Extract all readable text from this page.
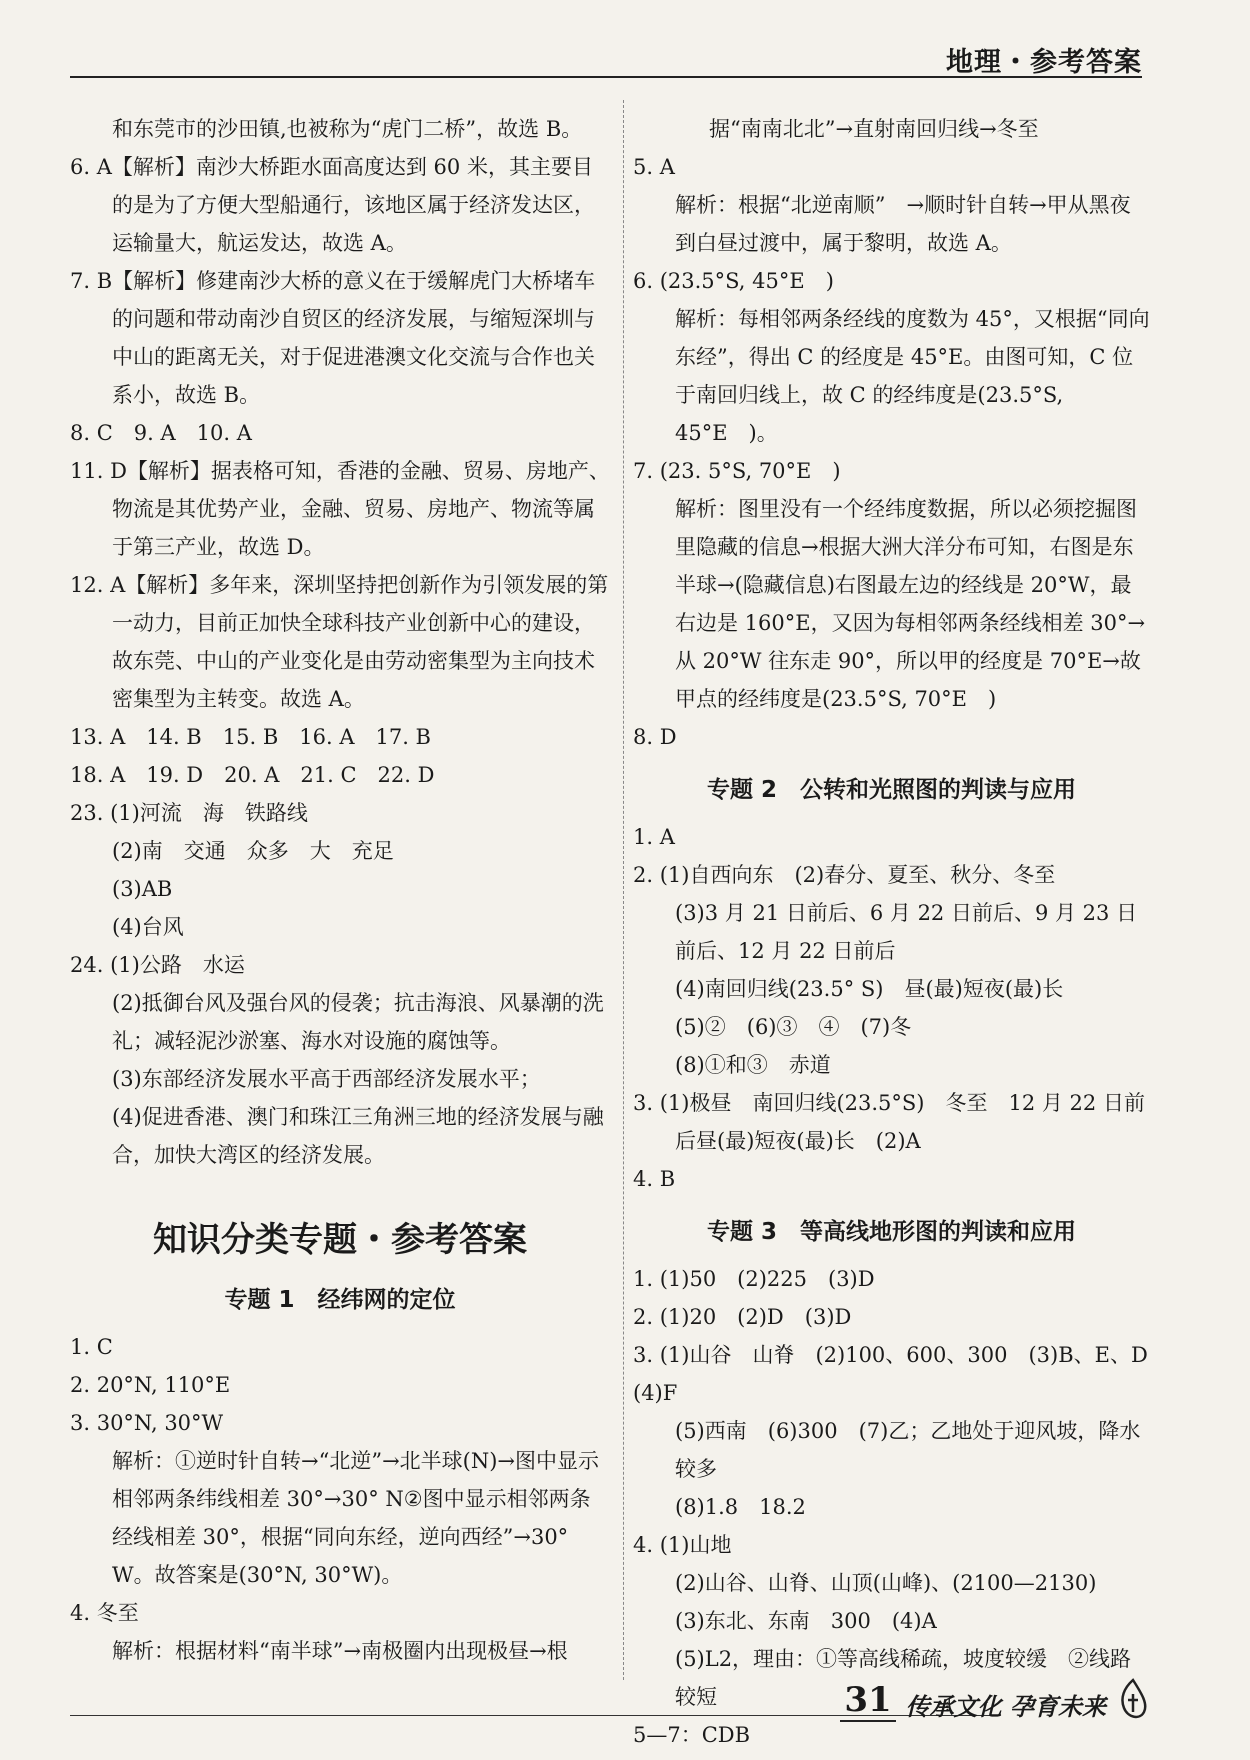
地理・参考答案

和东莞市的沙田镇,也被称为“虎门二桥”，故选 B。

6. A【解析】南沙大桥距水面高度达到 60 米，其主要目的是为了方便大型船通行，该地区属于经济发达区，运输量大，航运发达，故选 A。

7. B【解析】修建南沙大桥的意义在于缓解虎门大桥堵车的问题和带动南沙自贸区的经济发展，与缩短深圳与中山的距离无关，对于促进港澳文化交流与合作也关系小，故选 B。

8. C　9. A　10. A

11. D【解析】据表格可知，香港的金融、贸易、房地产、物流是其优势产业，金融、贸易、房地产、物流等属于第三产业，故选 D。

12. A【解析】多年来，深圳坚持把创新作为引领发展的第一动力，目前正加快全球科技产业创新中心的建设，故东莞、中山的产业变化是由劳动密集型为主向技术密集型为主转变。故选 A。

13. A　14. B　15. B　16. A　17. B

18. A　19. D　20. A　21. C　22. D

23. (1)河流　海　铁路线

(2)南　交通　众多　大　充足

(3)AB

(4)台风

24. (1)公路　水运

(2)抵御台风及强台风的侵袭；抗击海浪、风暴潮的洗礼；减轻泥沙淤塞、海水对设施的腐蚀等。

(3)东部经济发展水平高于西部经济发展水平；

(4)促进香港、澳门和珠江三角洲三地的经济发展与融合，加快大湾区的经济发展。

知识分类专题・参考答案

专题 1　经纬网的定位

1. C

2. 20°N, 110°E

3. 30°N, 30°W

解析：①逆时针自转→“北逆”→北半球(N)→图中显示相邻两条纬线相差 30°→30° N②图中显示相邻两条经线相差 30°，根据“同向东经，逆向西经”→30° W。故答案是(30°N, 30°W)。

4. 冬至

解析：根据材料“南半球”→南极圈内出现极昼→根

据“南南北北”→直射南回归线→冬至

5. A

解析：根据“北逆南顺”　→顺时针自转→甲从黑夜到白昼过渡中，属于黎明，故选 A。

6. (23.5°S, 45°E　)

解析：每相邻两条经线的度数为 45°，又根据“同向东经”，得出 C 的经度是 45°E。由图可知，C 位于南回归线上，故 C 的经纬度是(23.5°S, 45°E　)。

7. (23. 5°S, 70°E　)

解析：图里没有一个经纬度数据，所以必须挖掘图里隐藏的信息→根据大洲大洋分布可知，右图是东半球→(隐藏信息)右图最左边的经线是 20°W，最右边是 160°E，又因为每相邻两条经线相差 30°→从 20°W 往东走 90°，所以甲的经度是 70°E→故甲点的经纬度是(23.5°S, 70°E　)

8. D

专题 2　公转和光照图的判读与应用

1. A

2. (1)自西向东　(2)春分、夏至、秋分、冬至

(3)3 月 21 日前后、6 月 22 日前后、9 月 23 日前后、12 月 22 日前后

(4)南回归线(23.5° S)　昼(最)短夜(最)长

(5)②　(6)③　④　(7)冬

(8)①和③　赤道

3. (1)极昼　南回归线(23.5°S)　冬至　12 月 22 日前后昼(最)短夜(最)长　(2)A

4. B

专题 3　等高线地形图的判读和应用

1. (1)50　(2)225　(3)D

2. (1)20　(2)D　(3)D

3. (1)山谷　山脊　(2)100、600、300　(3)B、E、D　(4)F

(5)西南　(6)300　(7)乙；乙地处于迎风坡，降水较多

(8)1.8　18.2

4. (1)山地

(2)山谷、山脊、山顶(山峰)、(2100—2130)

(3)东北、东南　300　(4)A

(5)L2，理由：①等高线稀疏，坡度较缓　②线路较短

5—7：CDB

31 传承文化 孕育未来
